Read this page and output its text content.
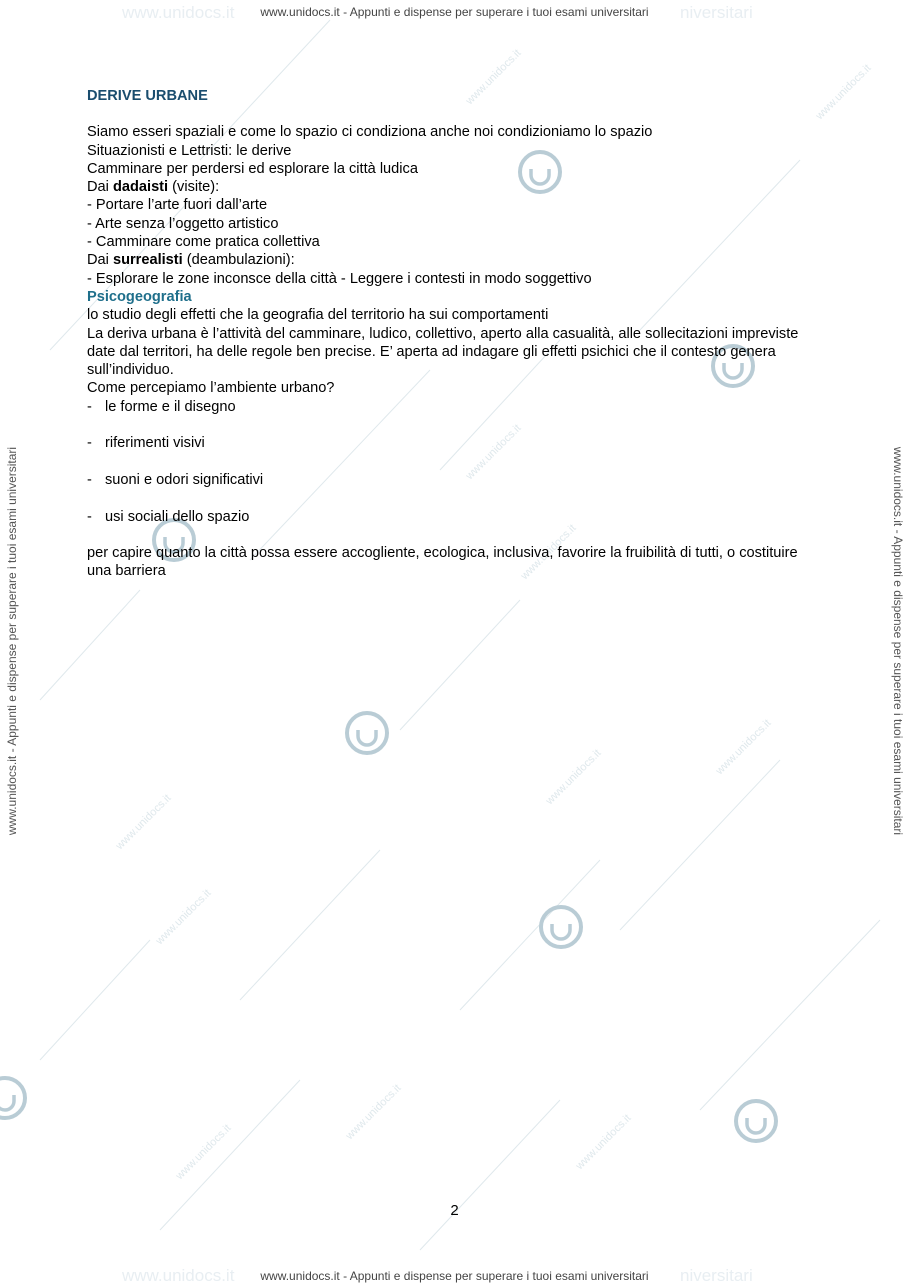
www.unidocs.it	niversitari
www.unidocs.it - Appunti e dispense per superare i tuoi esami universitari
www.unidocs.it	niversitari
www.unidocs.it - Appunti e dispense per superare i tuoi esami universitari
www.unidocs.it - Appunti e dispense per superare i tuoi esami universitari	www.unidocs.it - Appunti e dispense per superare i tuoi esami universitari
www.unidocs.it	www.unidocs.it
www.unidocs.it
www.unidocs.it
www.unidocs.it
www.unidocs.it
www.unidocs.it
www.unidocs.it
www.unidocs.it
www.unidocs.it	www.unidocs.it

DERIVE URBANE

Siamo esseri spaziali e come lo spazio ci condiziona anche noi condizioniamo lo spazio

Situazionisti e Lettristi: le derive

Camminare per perdersi ed esplorare la città ludica

Dai dadaisti (visite):

- Portare l’arte fuori dall’arte

- Arte senza l’oggetto artistico

- Camminare come pratica collettiva

Dai surrealisti (deambulazioni):

- Esplorare le zone inconsce della città - Leggere i contesti in modo soggettivo

Psicogeografia

lo studio degli effetti che la geografia del territorio ha sui comportamenti

La deriva urbana è l’attività del camminare, ludico, collettivo, aperto alla casualità, alle sollecitazioni impreviste date dal territori, ha delle regole ben precise. E’ aperta ad indagare gli effetti psichici che il contesto genera sull’individuo.

Come percepiamo l’ambiente urbano?

- le forme e il disegno
- riferimenti visivi
- suoni e odori significativi
- usi sociali dello spazio

per capire quanto la città possa essere accogliente, ecologica, inclusiva, favorire la fruibilità di tutti, o costituire una barriera

2
